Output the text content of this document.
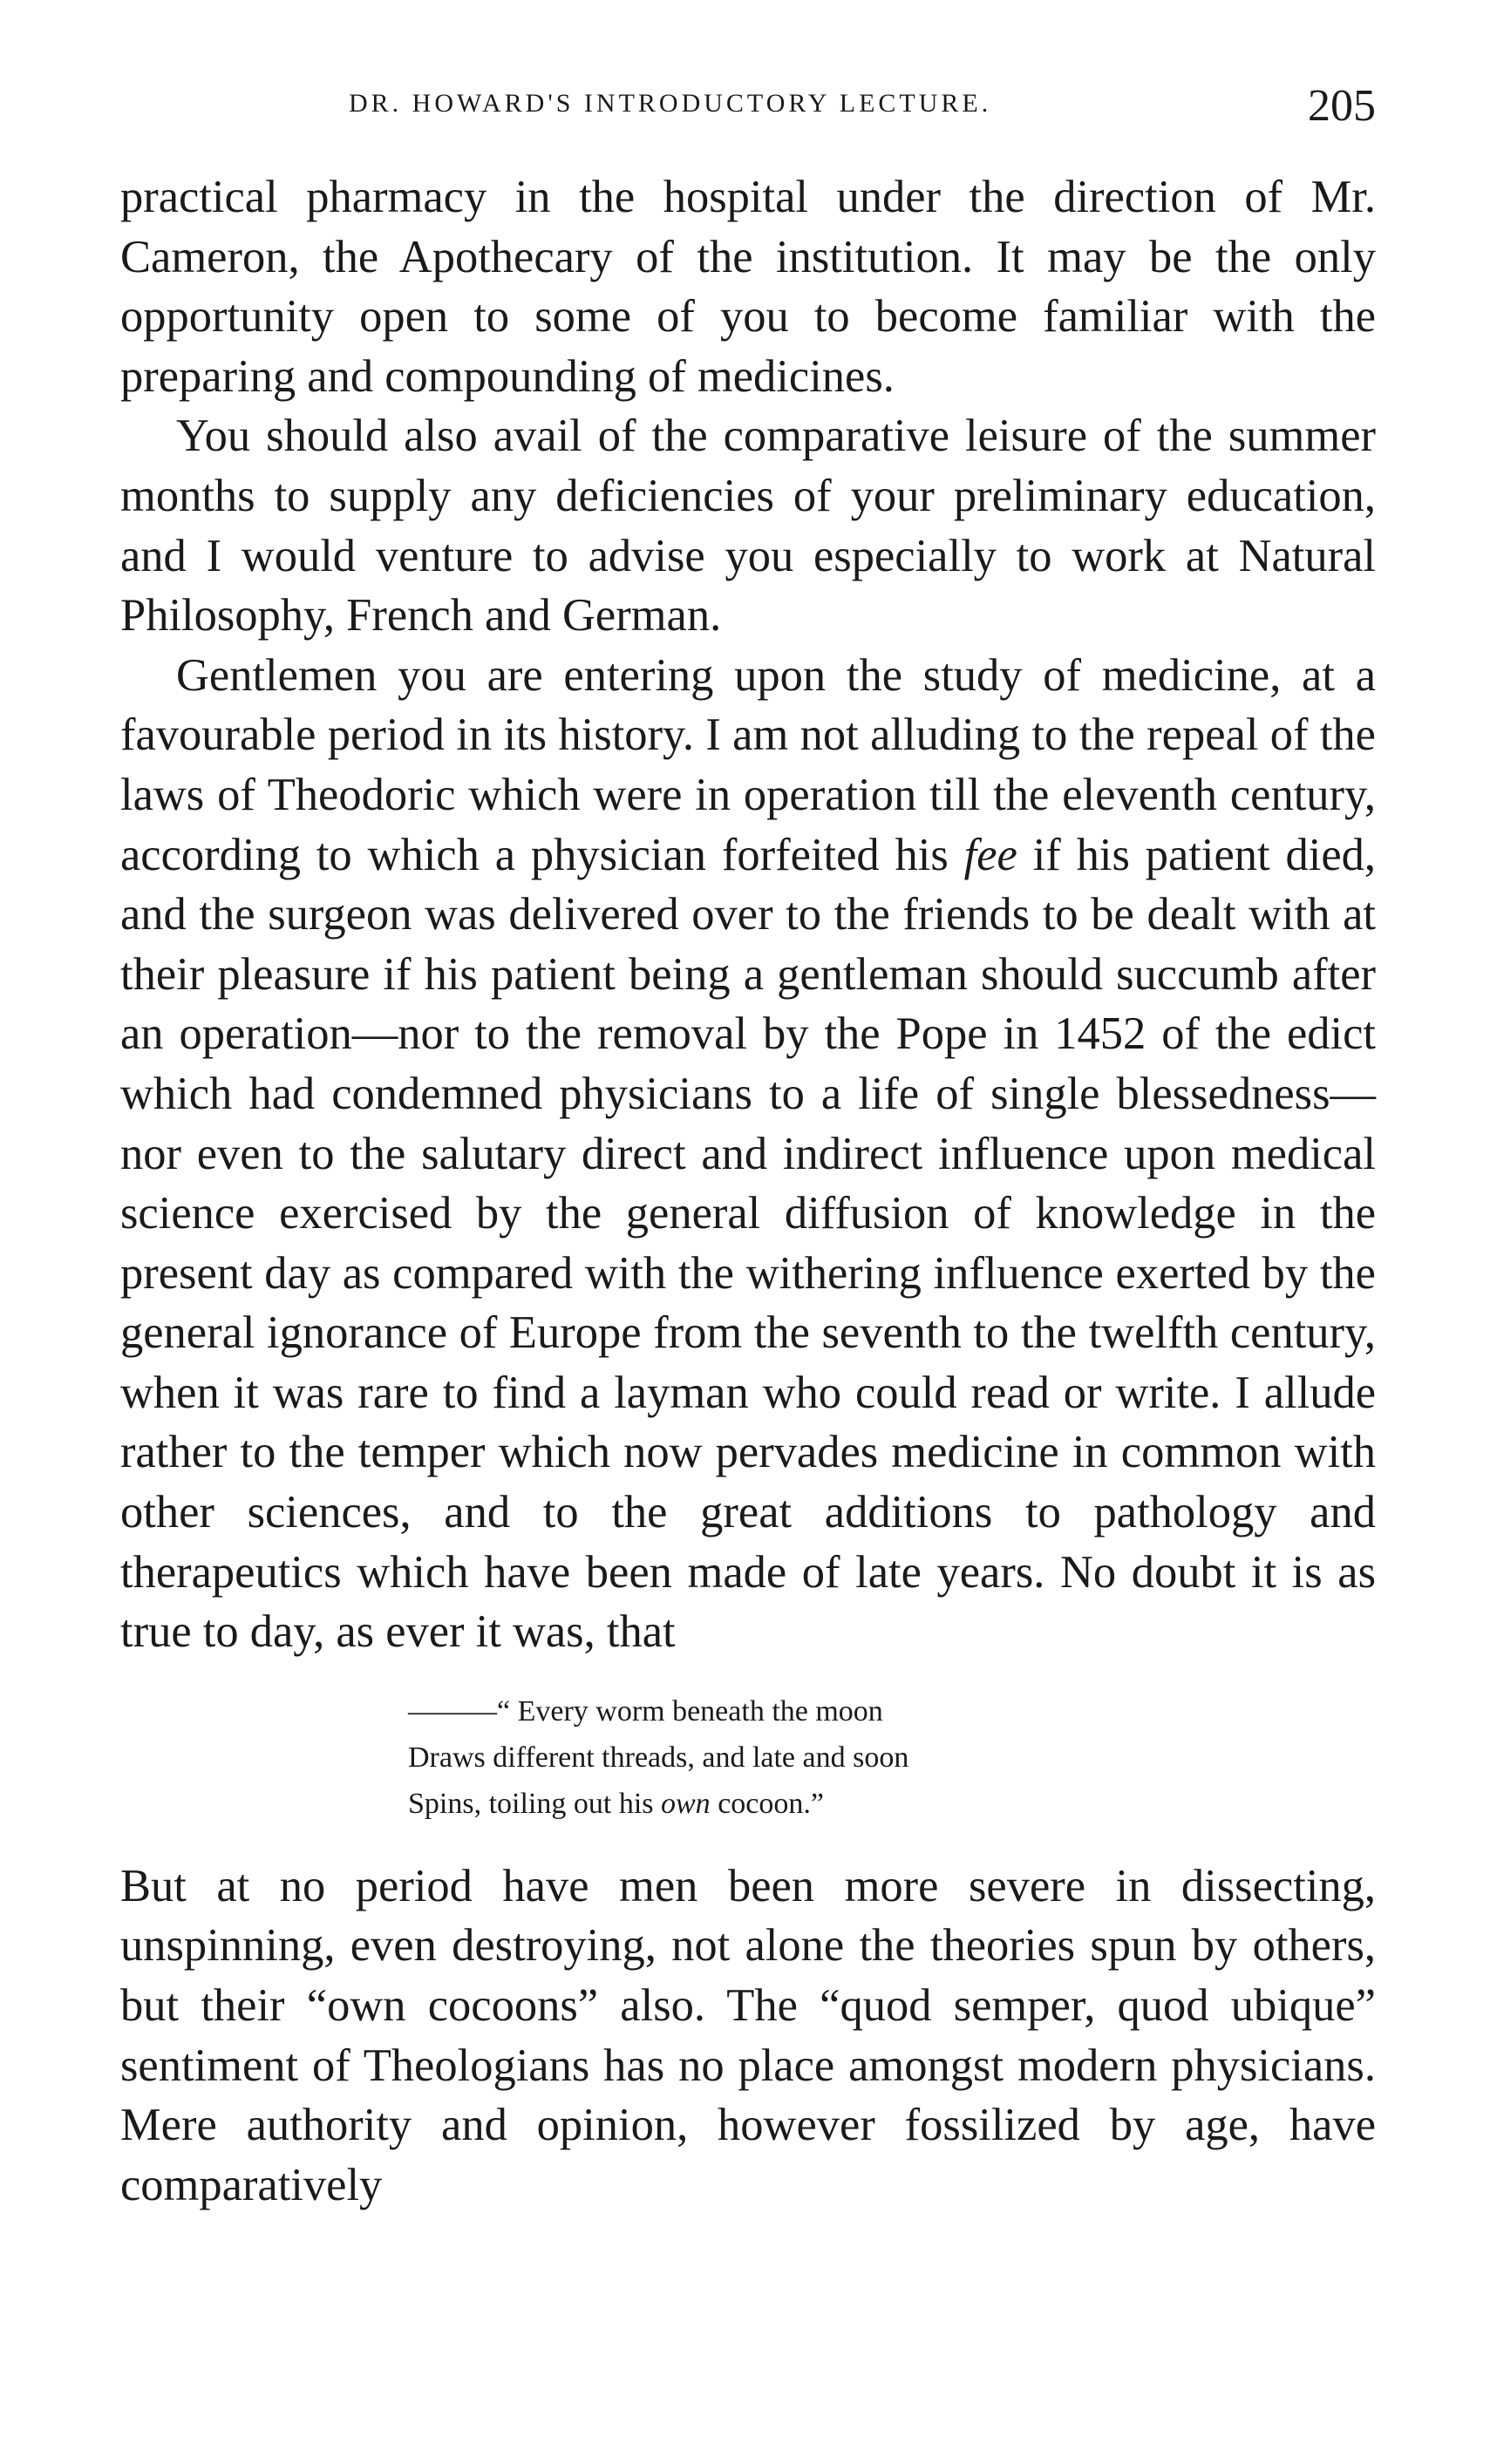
DR. HOWARD'S INTRODUCTORY LECTURE.	205

practical pharmacy in the hospital under the direction of Mr. Cameron, the Apothecary of the institution. It may be the only opportunity open to some of you to become familiar with the preparing and compounding of medicines.

You should also avail of the comparative leisure of the summer months to supply any deficiencies of your preliminary education, and I would venture to advise you especially to work at Natural Philosophy, French and German.

Gentlemen you are entering upon the study of medicine, at a favourable period in its history. I am not alluding to the repeal of the laws of Theodoric which were in operation till the eleventh century, according to which a physician forfeited his fee if his patient died, and the surgeon was delivered over to the friends to be dealt with at their pleasure if his patient being a gentleman should succumb after an operation—nor to the removal by the Pope in 1452 of the edict which had condemned physicians to a life of single blessedness—nor even to the salutary direct and indirect influence upon medical science exercised by the general diffusion of knowledge in the present day as compared with the withering influence exerted by the general ignorance of Europe from the seventh to the twelfth century, when it was rare to find a layman who could read or write. I allude rather to the temper which now pervades medicine in common with other sciences, and to the great additions to pathology and therapeutics which have been made of late years. No doubt it is as true to day, as ever it was, that

———“ Every worm beneath the moon
Draws different threads, and late and soon
Spins, toiling out his own cocoon.”

But at no period have men been more severe in dissecting, unspinning, even destroying, not alone the theories spun by others, but their “own cocoons” also. The “quod semper, quod ubique” sentiment of Theologians has no place amongst modern physicians. Mere authority and opinion, however fossilized by age, have comparatively
